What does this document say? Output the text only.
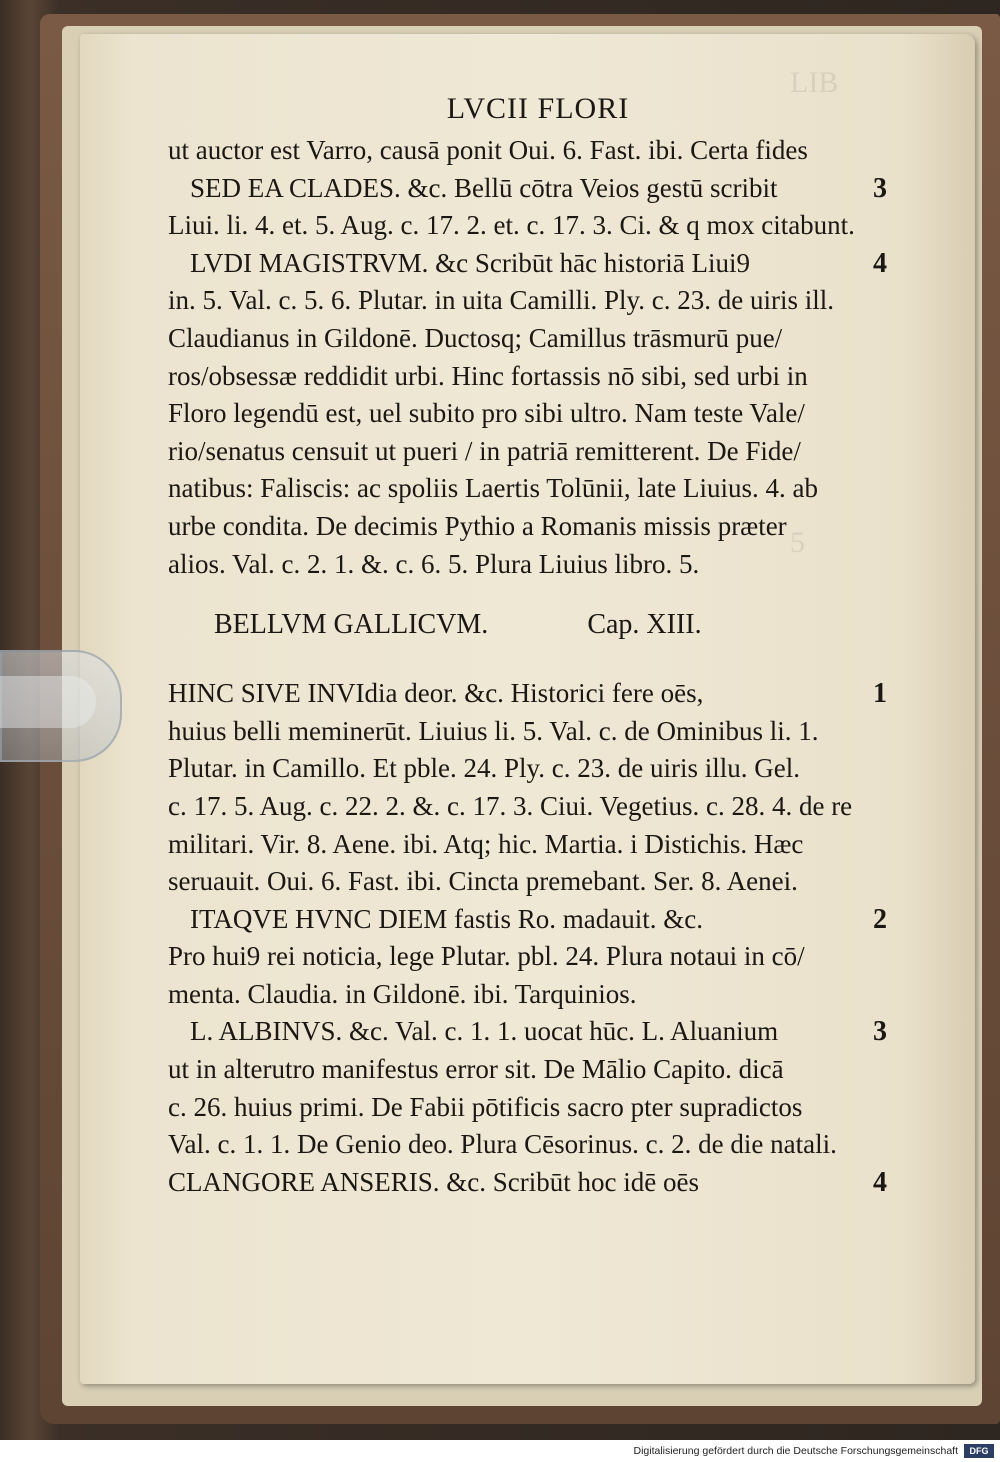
LIB

5

LVCII FLORI
ut auctor est Varro, causā ponit Oui. 6. Fast. ibi. Certa fides
SED EA CLADES. &c. Bellū cōtra Veios gestū scribit	3
Liui. li. 4. et. 5. Aug. c. 17. 2. et. c. 17. 3. Ci. & q mox citabunt.
LVDI MAGISTRVM. &c Scribūt hāc historiā Liui9	4
in. 5. Val. c. 5. 6. Plutar. in uita Camilli. Ply. c. 23. de uiris ill.
Claudianus in Gildonē. Ductosq; Camillus trāsmurū pue/
ros/obsessæ reddidit urbi. Hinc fortassis nō sibi, sed urbi in
Floro legendū est, uel subito pro sibi ultro. Nam teste Vale/
rio/senatus censuit ut pueri / in patriā remitterent. De Fide/
natibus: Faliscis: ac spoliis Laertis Tolūnii, late Liuius. 4. ab
urbe condita. De decimis Pythio a Romanis missis præter
alios. Val. c. 2. 1. &. c. 6. 5. Plura Liuius libro. 5.
BELLVM GALLICVM.	Cap. XIII.
HINC SIVE INVIdia deor. &c. Historici fere oēs,	1
huius belli meminerūt. Liuius li. 5. Val. c. de Ominibus li. 1.
Plutar. in Camillo. Et pble. 24. Ply. c. 23. de uiris illu. Gel.
c. 17. 5. Aug. c. 22. 2. &. c. 17. 3. Ciui. Vegetius. c. 28. 4. de re
militari. Vir. 8. Aene. ibi. Atq; hic. Martia. i Distichis. Hæc
seruauit. Oui. 6. Fast. ibi. Cincta premebant. Ser. 8. Aenei.
ITAQVE HVNC DIEM fastis Ro. madauit. &c.	2
Pro hui9 rei noticia, lege Plutar. pbl. 24. Plura notaui in cō/
menta. Claudia. in Gildonē. ibi. Tarquinios.
L. ALBINVS. &c. Val. c. 1. 1. uocat hūc. L. Aluanium	3
ut in alterutro manifestus error sit. De Mālio Capito. dicā
c. 26. huius primi. De Fabii pōtificis sacro pter supradictos
Val. c. 1. 1. De Genio deo. Plura Cēsorinus. c. 2. de die natali.
CLANGORE ANSERIS. &c. Scribūt hoc idē oēs	4
Digitalisierung gefördert durch die Deutsche Forschungsgemeinschaft	DFG
